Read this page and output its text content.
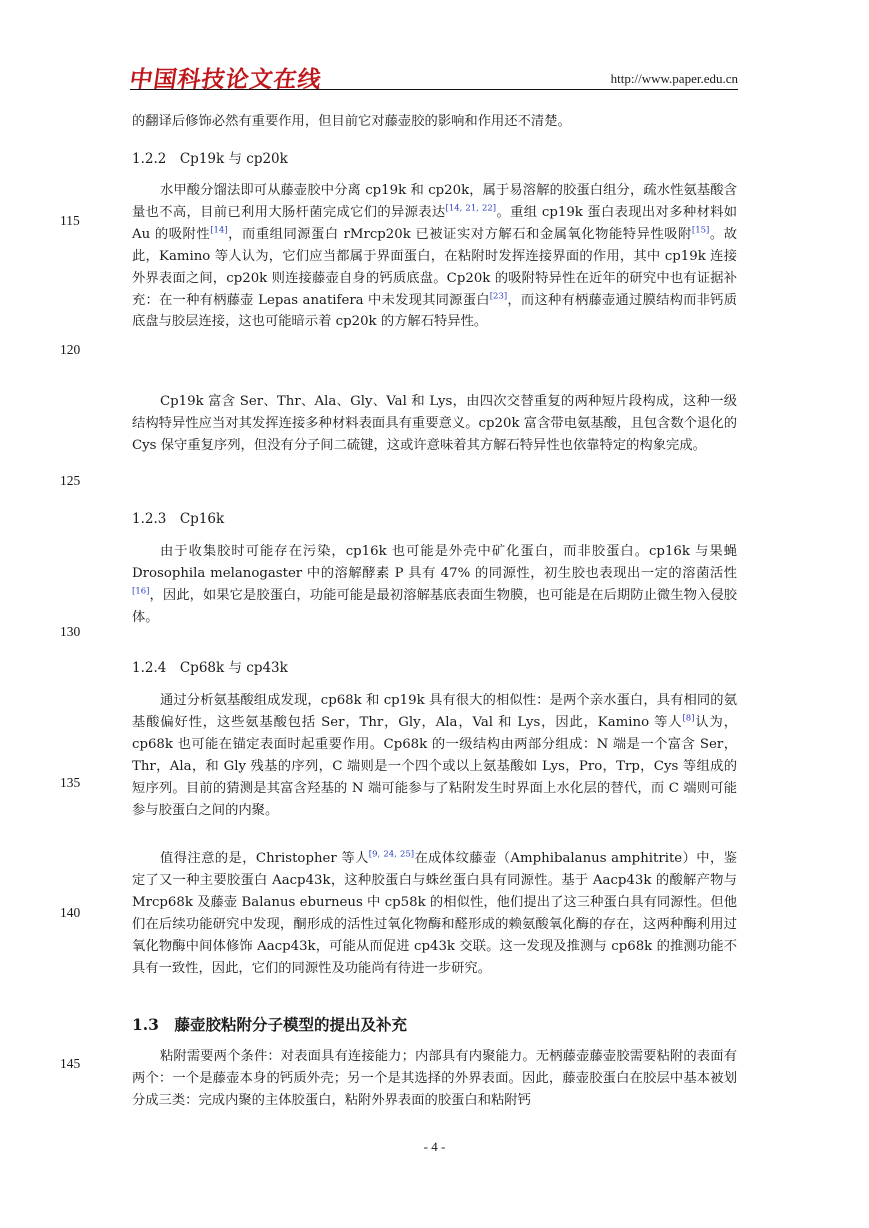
中国科技论文在线	http://www.paper.edu.cn
115
120
125
130
135
140
145
的翻译后修饰必然有重要作用，但目前它对藤壶胶的影响和作用还不清楚。
1.2.2　Cp19k 与 cp20k
水甲酸分馏法即可从藤壶胶中分离 cp19k 和 cp20k，属于易溶解的胶蛋白组分，疏水性氨基酸含量也不高，目前已利用大肠杆菌完成它们的异源表达[14, 21, 22]。重组 cp19k 蛋白表现出对多种材料如 Au 的吸附性[14]，而重组同源蛋白 rMrcp20k 已被证实对方解石和金属氧化物能特异性吸附[15]。故此，Kamino 等人认为，它们应当都属于界面蛋白，在粘附时发挥连接界面的作用，其中 cp19k 连接外界表面之间，cp20k 则连接藤壶自身的钙质底盘。Cp20k 的吸附特异性在近年的研究中也有证据补充：在一种有柄藤壶 Lepas anatifera 中未发现其同源蛋白[23]，而这种有柄藤壶通过膜结构而非钙质底盘与胶层连接，这也可能暗示着 cp20k 的方解石特异性。
Cp19k 富含 Ser、Thr、Ala、Gly、Val 和 Lys，由四次交替重复的两种短片段构成，这种一级结构特异性应当对其发挥连接多种材料表面具有重要意义。cp20k 富含带电氨基酸，且包含数个退化的 Cys 保守重复序列，但没有分子间二硫键，这或许意味着其方解石特异性也依靠特定的构象完成。
1.2.3　Cp16k
由于收集胶时可能存在污染，cp16k 也可能是外壳中矿化蛋白，而非胶蛋白。cp16k 与果蝇 Drosophila melanogaster 中的溶解酵素 P 具有 47% 的同源性，初生胶也表现出一定的溶菌活性[16]，因此，如果它是胶蛋白，功能可能是最初溶解基底表面生物膜，也可能是在后期防止微生物入侵胶体。
1.2.4　Cp68k 与 cp43k
通过分析氨基酸组成发现，cp68k 和 cp19k 具有很大的相似性：是两个亲水蛋白，具有相同的氨基酸偏好性，这些氨基酸包括 Ser，Thr，Gly，Ala，Val 和 Lys，因此，Kamino 等人[8]认为，cp68k 也可能在锚定表面时起重要作用。Cp68k 的一级结构由两部分组成：N 端是一个富含 Ser，Thr，Ala，和 Gly 残基的序列，C 端则是一个四个或以上氨基酸如 Lys，Pro，Trp，Cys 等组成的短序列。目前的猜测是其富含羟基的 N 端可能参与了粘附发生时界面上水化层的替代，而 C 端则可能参与胶蛋白之间的内聚。
值得注意的是，Christopher 等人[9, 24, 25]在成体纹藤壶（Amphibalanus amphitrite）中，鉴定了又一种主要胶蛋白 Aacp43k，这种胶蛋白与蛛丝蛋白具有同源性。基于 Aacp43k 的酸解产物与 Mrcp68k 及藤壶 Balanus eburneus 中 cp58k 的相似性，他们提出了这三种蛋白具有同源性。但他们在后续功能研究中发现，酮形成的活性过氧化物酶和醛形成的赖氨酸氧化酶的存在，这两种酶利用过氧化物酶中间体修饰 Aacp43k，可能从而促进 cp43k 交联。这一发现及推测与 cp68k 的推测功能不具有一致性，因此，它们的同源性及功能尚有待进一步研究。
1.3　藤壶胶粘附分子模型的提出及补充
粘附需要两个条件：对表面具有连接能力；内部具有内聚能力。无柄藤壶藤壶胶需要粘附的表面有两个：一个是藤壶本身的钙质外壳；另一个是其选择的外界表面。因此，藤壶胶蛋白在胶层中基本被划分成三类：完成内聚的主体胶蛋白，粘附外界表面的胶蛋白和粘附钙
- 4 -
